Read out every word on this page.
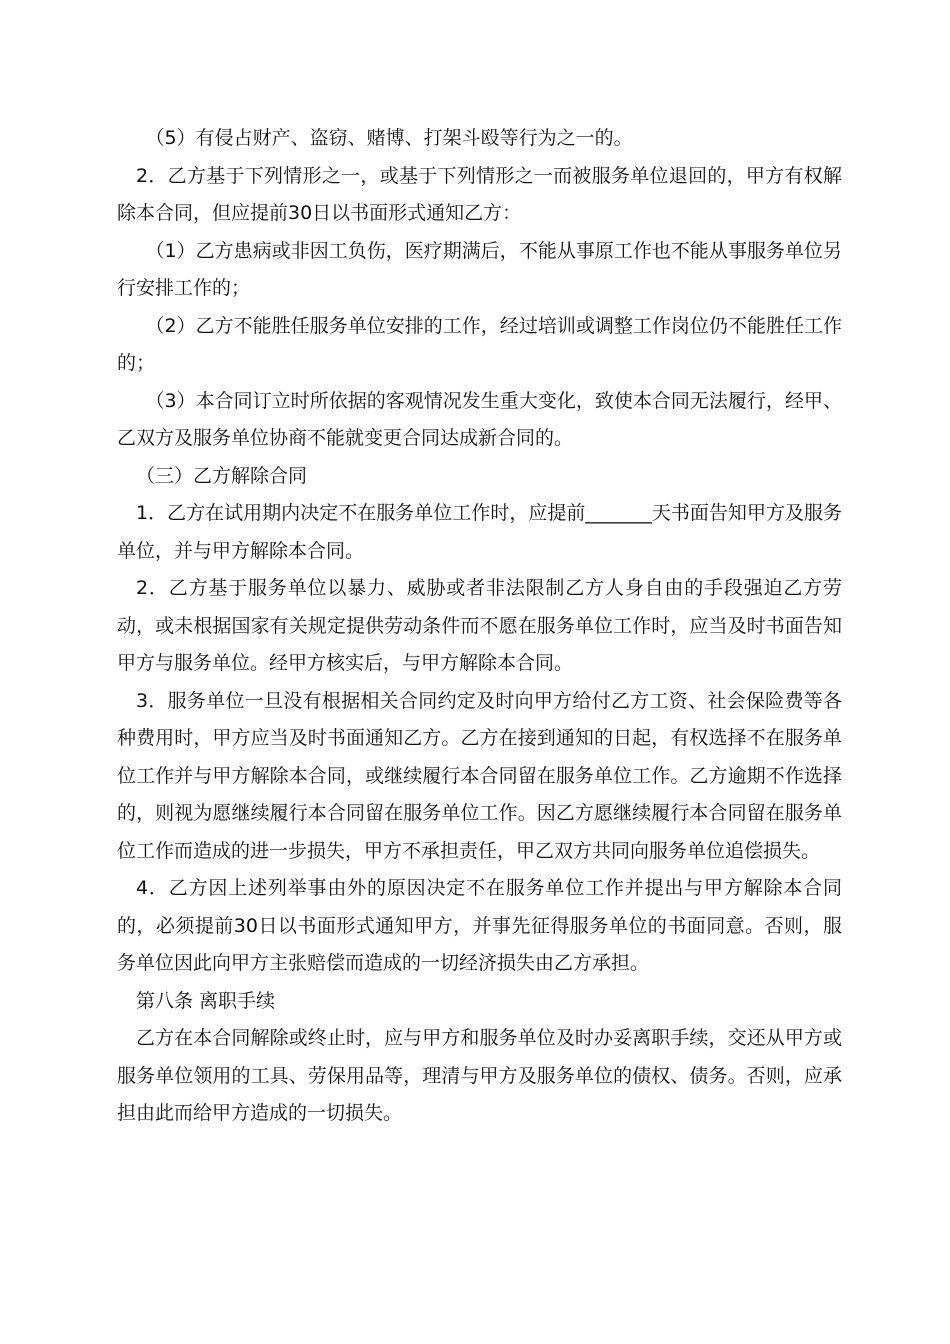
（5）有侵占财产、盗窃、赌博、打架斗殴等行为之一的。

2．乙方基于下列情形之一，或基于下列情形之一而被服务单位退回的，甲方有权解除本合同，但应提前30日以书面形式通知乙方：

（1）乙方患病或非因工负伤，医疗期满后，不能从事原工作也不能从事服务单位另行安排工作的；

（2）乙方不能胜任服务单位安排的工作，经过培训或调整工作岗位仍不能胜任工作的；

（3）本合同订立时所依据的客观情况发生重大变化，致使本合同无法履行，经甲、乙双方及服务单位协商不能就变更合同达成新合同的。

（三）乙方解除合同

1．乙方在试用期内决定不在服务单位工作时，应提前_______天书面告知甲方及服务单位，并与甲方解除本合同。

2．乙方基于服务单位以暴力、威胁或者非法限制乙方人身自由的手段强迫乙方劳动，或未根据国家有关规定提供劳动条件而不愿在服务单位工作时，应当及时书面告知甲方与服务单位。经甲方核实后，与甲方解除本合同。

3．服务单位一旦没有根据相关合同约定及时向甲方给付乙方工资、社会保险费等各种费用时，甲方应当及时书面通知乙方。乙方在接到通知的日起，有权选择不在服务单位工作并与甲方解除本合同，或继续履行本合同留在服务单位工作。乙方逾期不作选择的，则视为愿继续履行本合同留在服务单位工作。因乙方愿继续履行本合同留在服务单位工作而造成的进一步损失，甲方不承担责任，甲乙双方共同向服务单位追偿损失。

4．乙方因上述列举事由外的原因决定不在服务单位工作并提出与甲方解除本合同的，必须提前30日以书面形式通知甲方，并事先征得服务单位的书面同意。否则，服务单位因此向甲方主张赔偿而造成的一切经济损失由乙方承担。

第八条 离职手续

乙方在本合同解除或终止时，应与甲方和服务单位及时办妥离职手续，交还从甲方或服务单位领用的工具、劳保用品等，理清与甲方及服务单位的债权、债务。否则，应承担由此而给甲方造成的一切损失。
